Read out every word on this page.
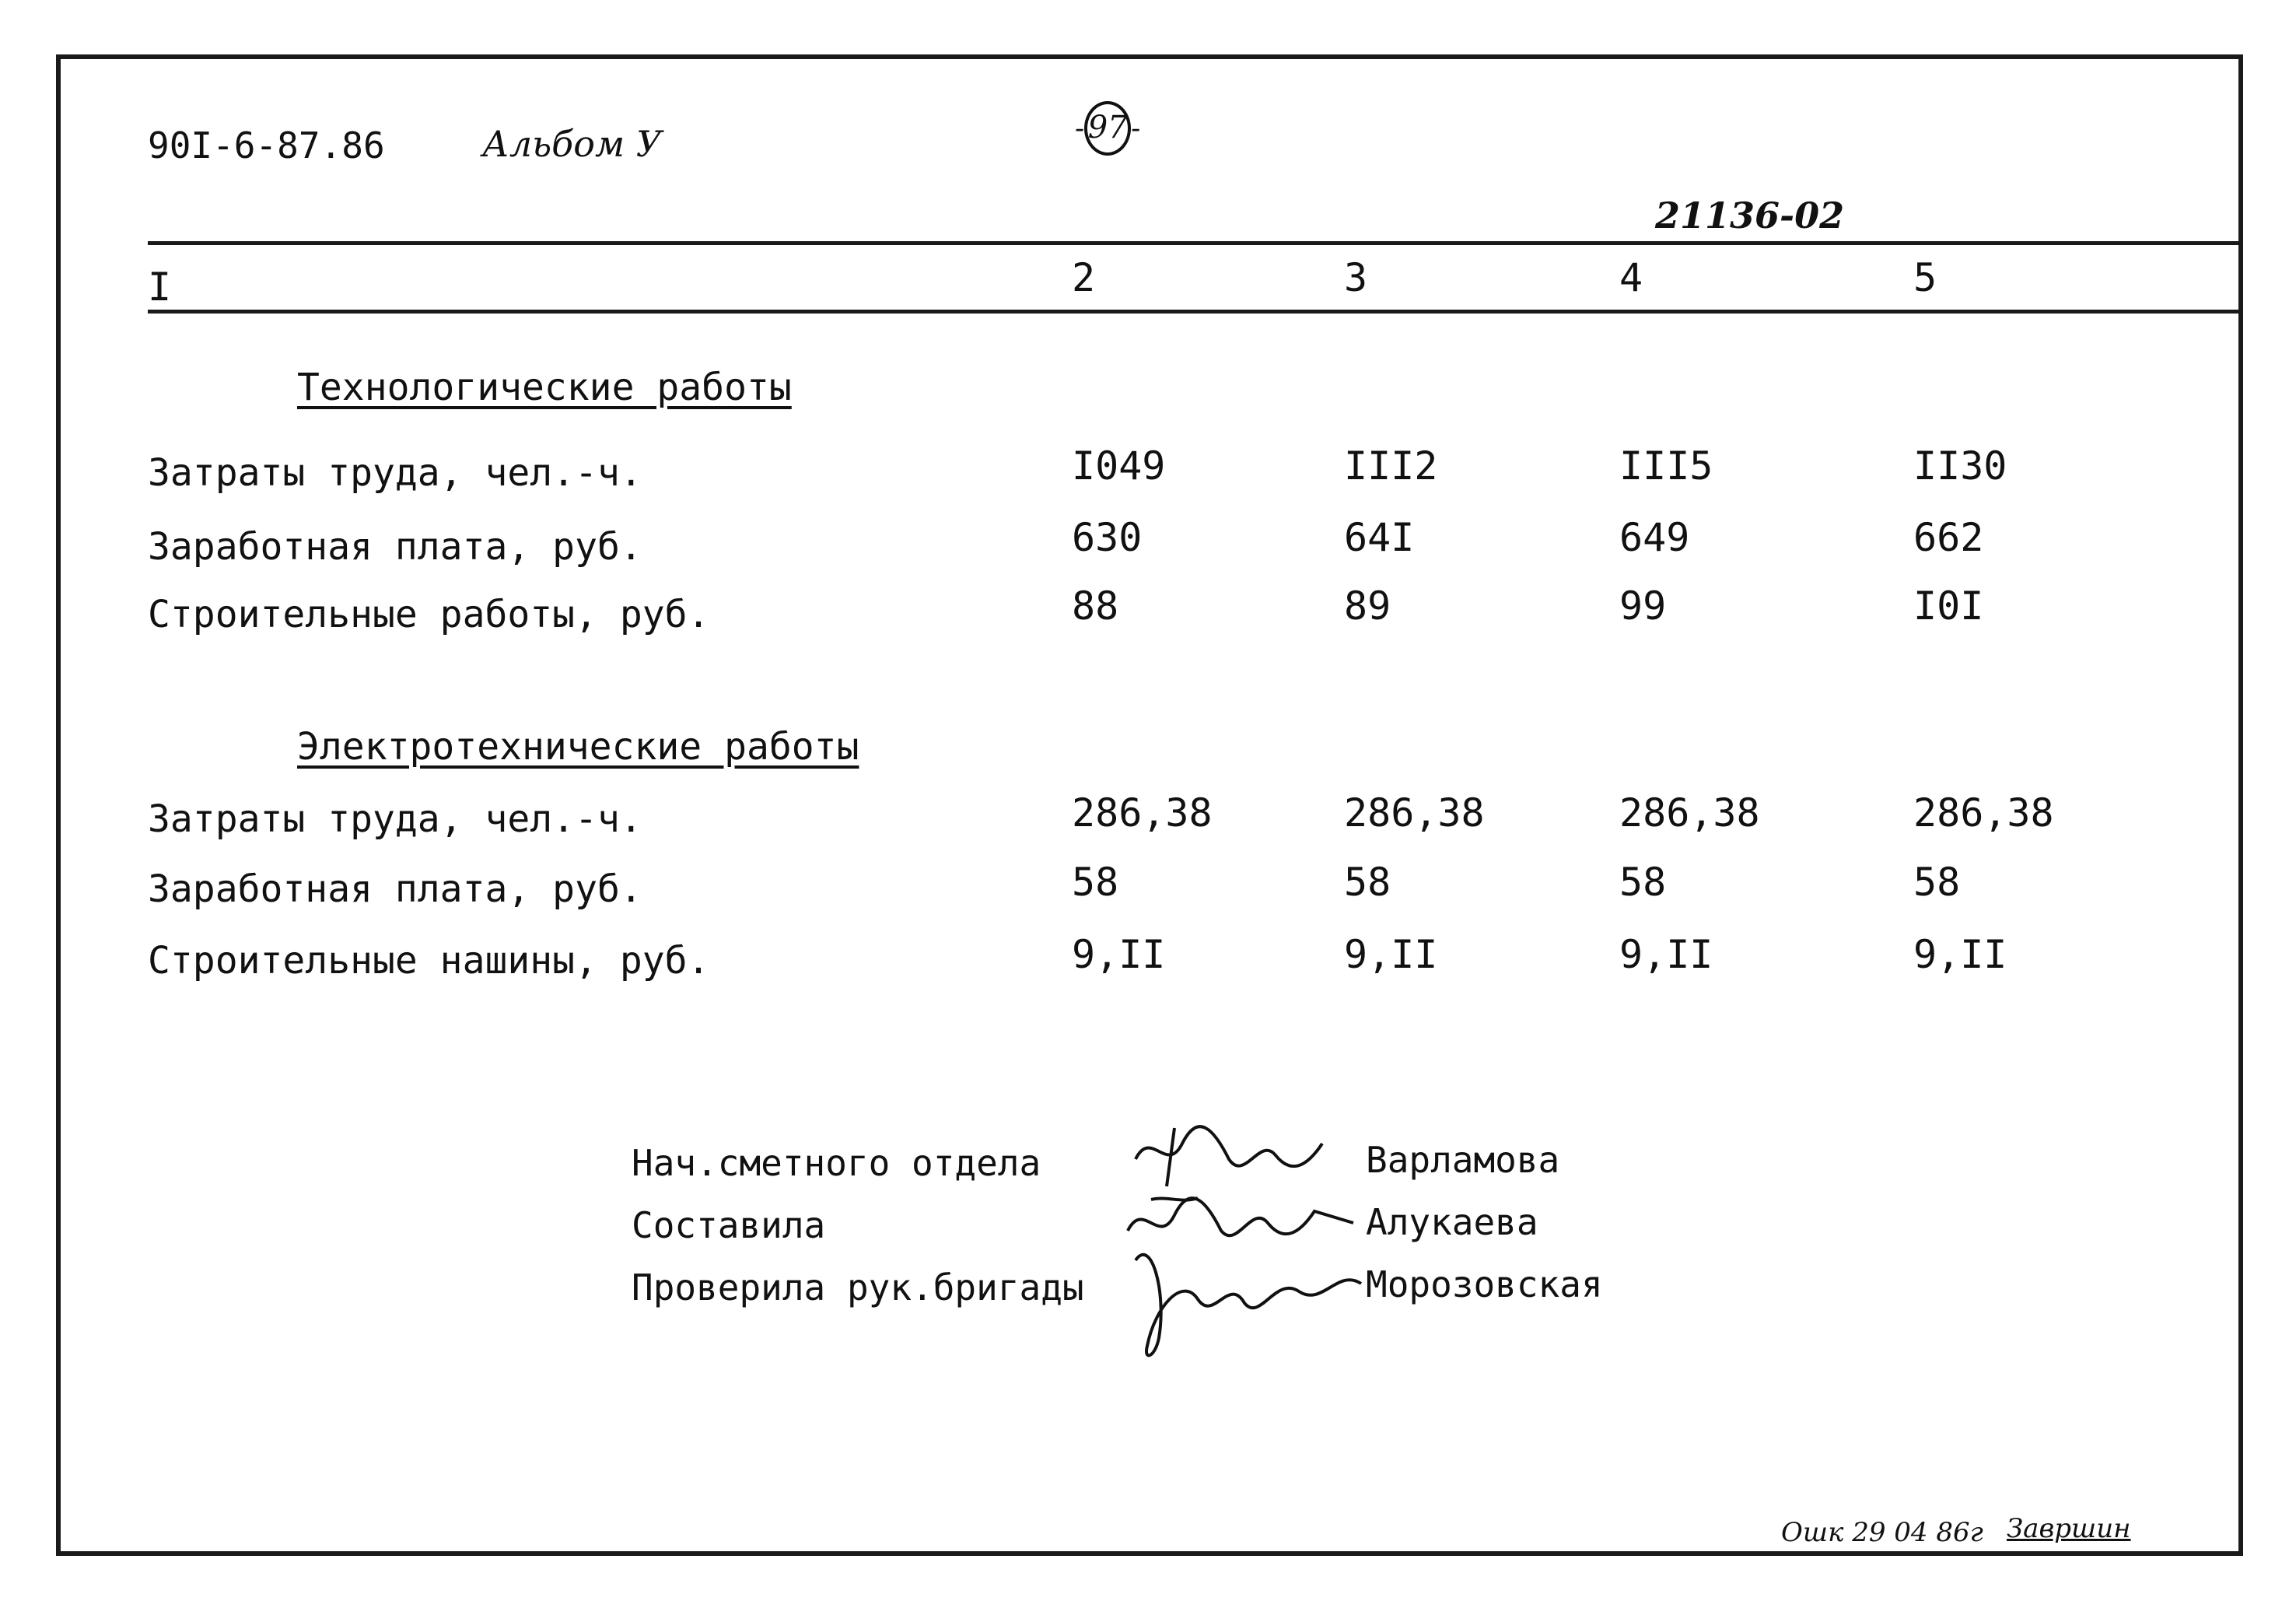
90I-6-87.86	Альбом У	- 97 -
21136-02
I	2	3	4	5
Технологические работы
Затраты труда, чел.-ч.	I049	III2	III5	II30
Заработная плата, руб.	630	64I	649	662
Строительные работы, руб.	88	89	99	I0I
Электротехнические работы
Затраты труда, чел.-ч.	286,38	286,38	286,38	286,38
Заработная плата, руб.	58	58	58	58
Строительные нашины, руб.	9,II	9,II	9,II	9,II
Нач.сметного отдела
Составила
Проверила рук.бригады
Варламова
Алукаева
Морозовская
Ошк 29 04 86г Завршин
